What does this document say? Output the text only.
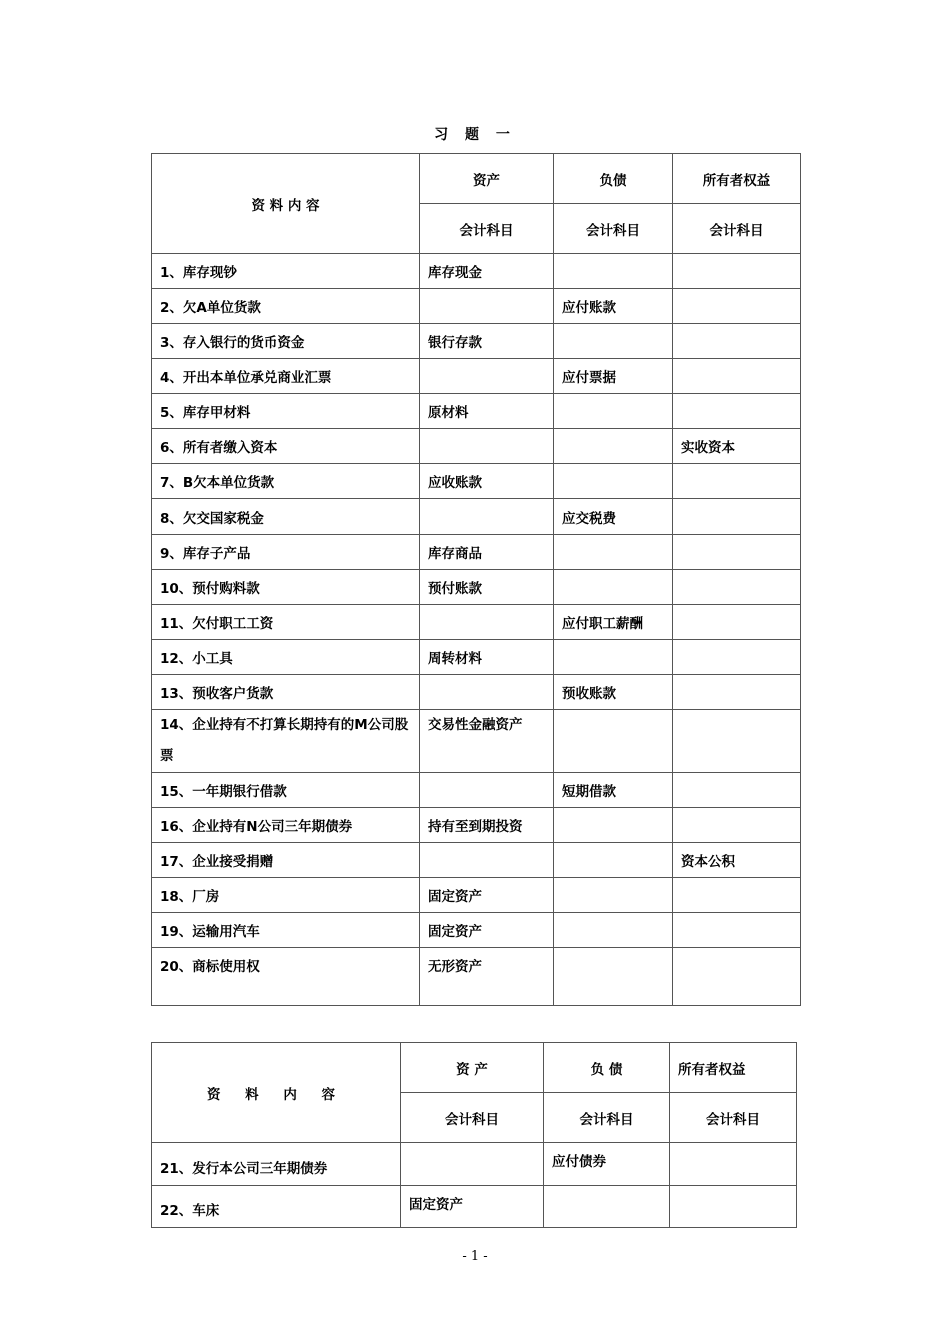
习 题 一
资 料 内 容	资产	负债	所有者权益
	会计科目	会计科目	会计科目
1、库存现钞	库存现金		
2、欠A单位货款		应付账款	
3、存入银行的货币资金	银行存款		
4、开出本单位承兑商业汇票		应付票据	
5、库存甲材料	原材料		
6、所有者缴入资本			实收资本
7、B欠本单位货款	应收账款		
8、欠交国家税金		应交税费	
9、库存子产品	库存商品		
10、预付购料款	预付账款		
11、欠付职工工资		应付职工薪酬	
12、小工具	周转材料		
13、预收客户货款		预收账款	
14、企业持有不打算长期持有的M公司股票	交易性金融资产		
15、一年期银行借款		短期借款	
16、企业持有N公司三年期债券	持有至到期投资		
17、企业接受捐赠			资本公积
18、厂房	固定资产		
19、运输用汽车	固定资产		
20、商标使用权	无形资产		
资 料 内 容	资 产	负 债	所有者权益
	会计科目	会计科目	会计科目
21、发行本公司三年期债券		应付债券	
22、车床	固定资产		
- 1 -
